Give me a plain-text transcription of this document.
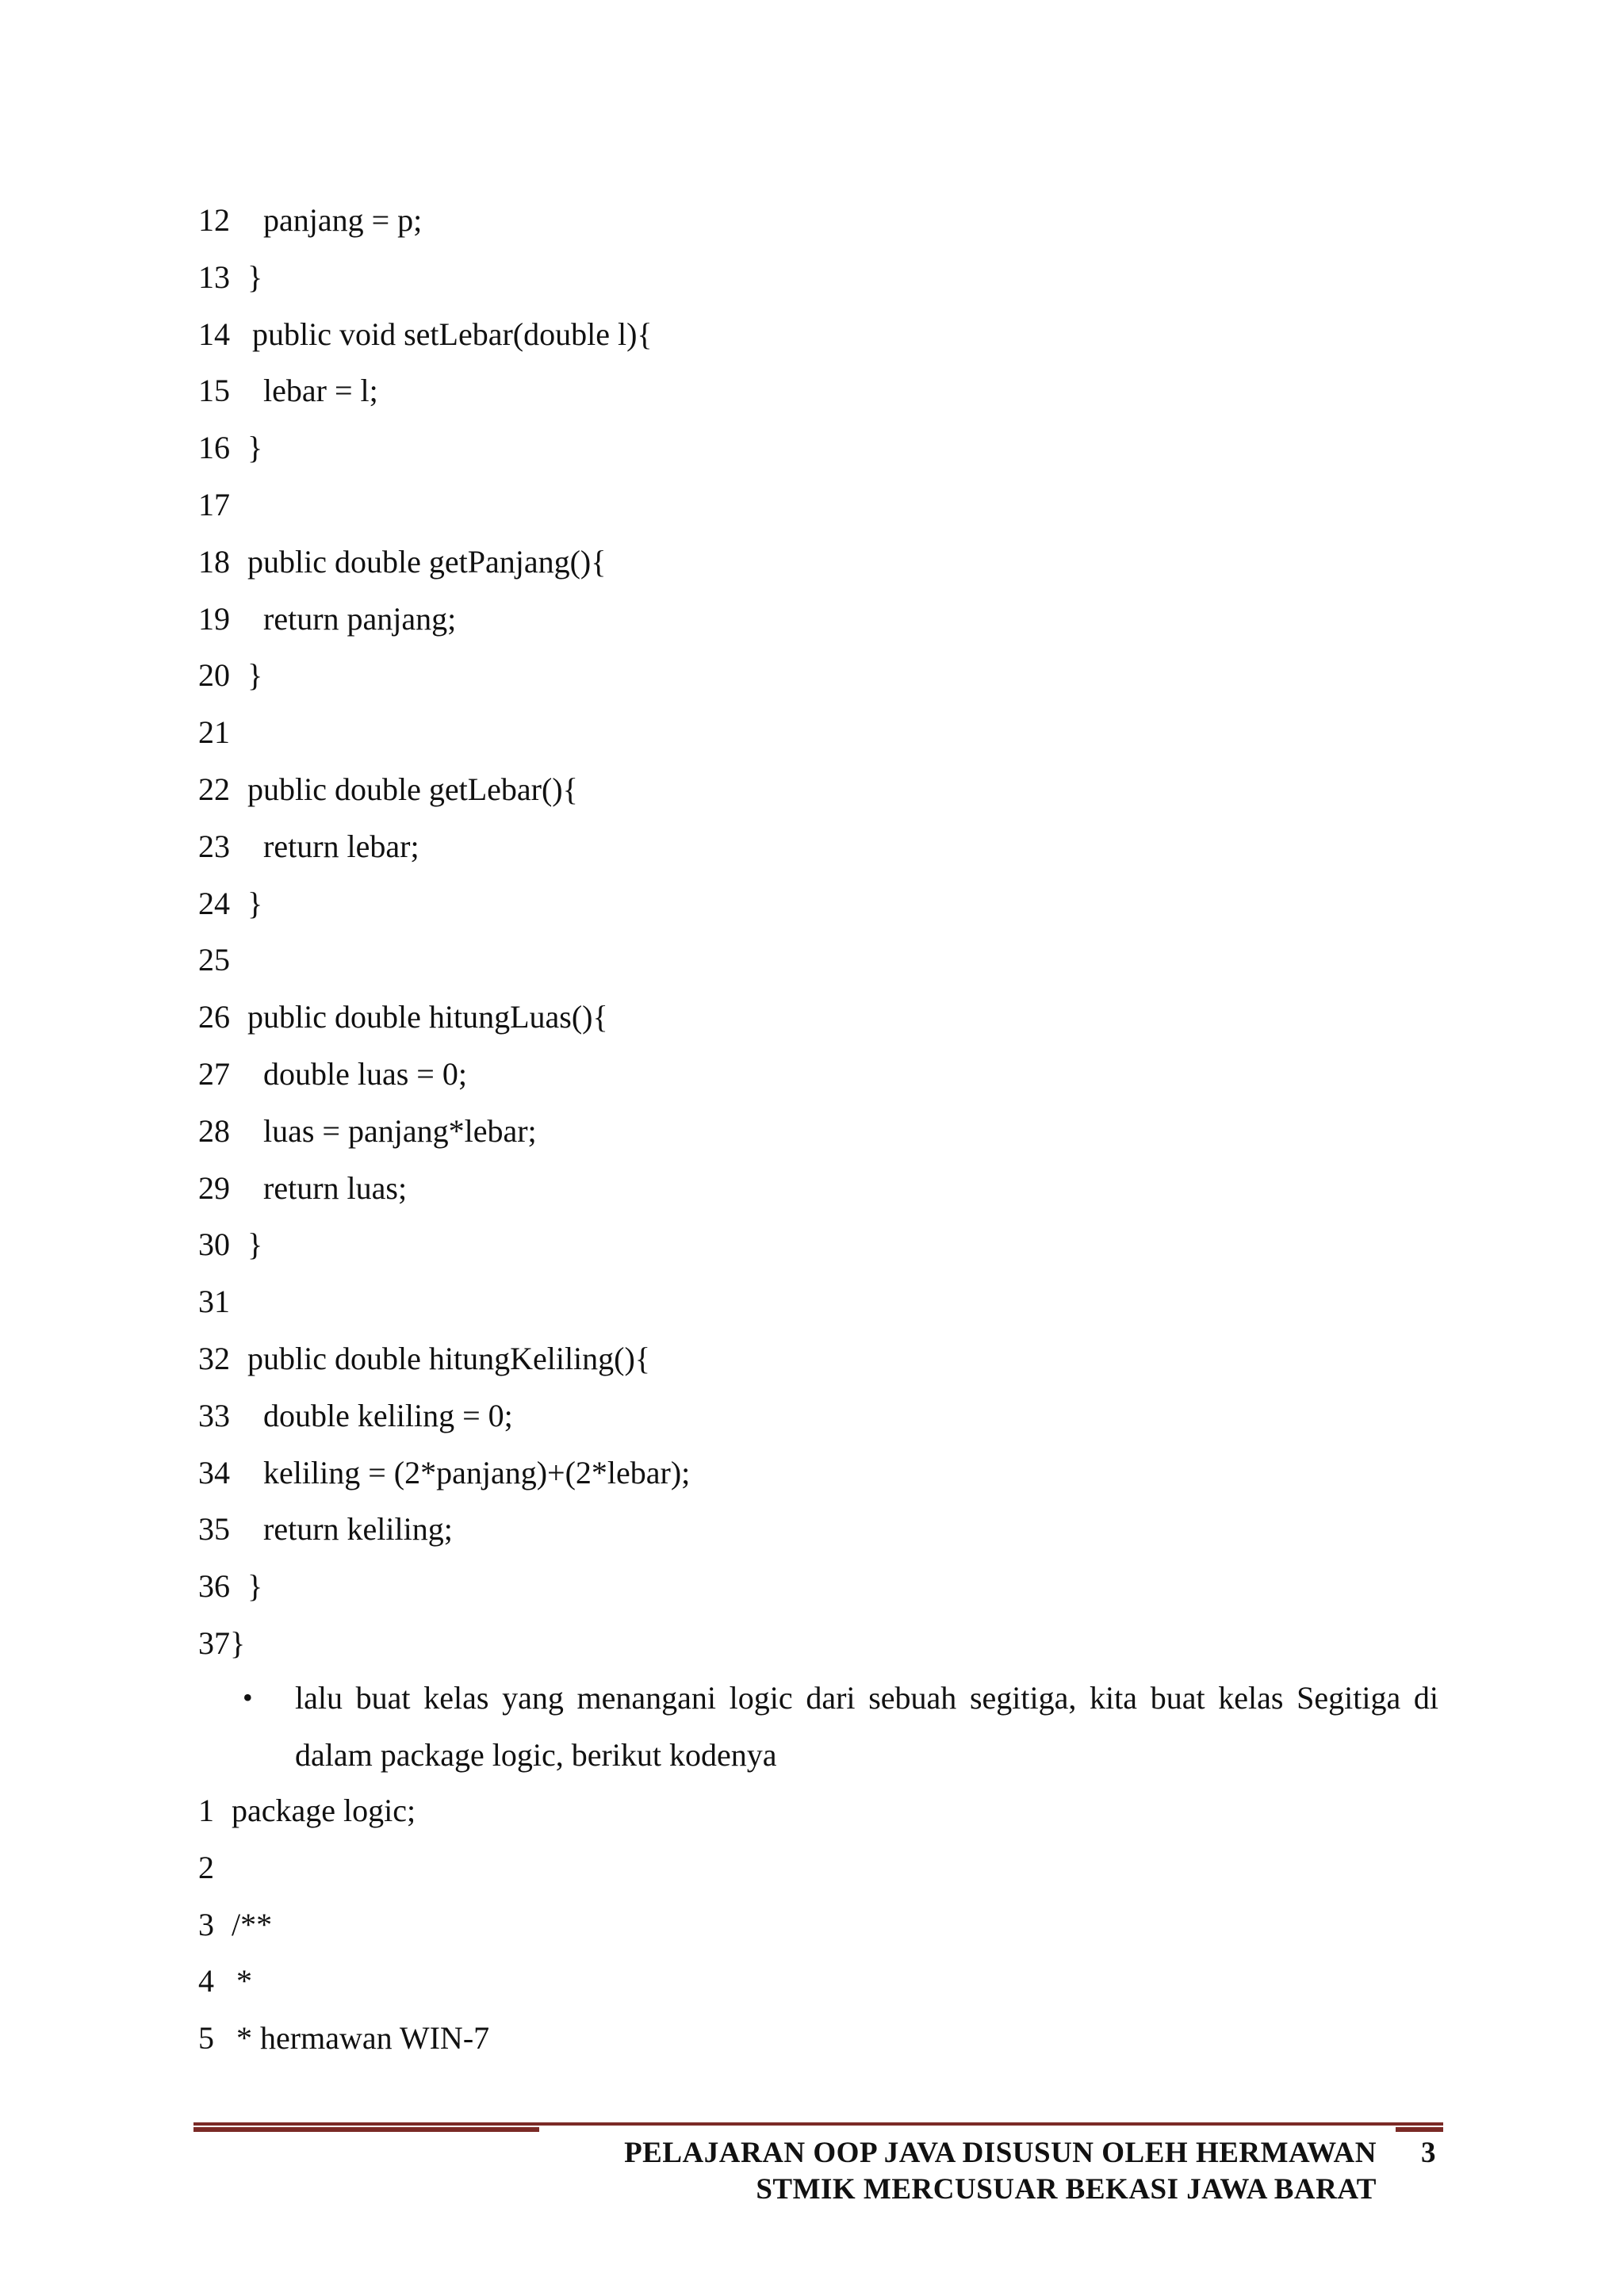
12 panjang = p;
13 }
14 public void setLebar(double l){
15 lebar = l;
16 }
17
18 public double getPanjang(){
19 return panjang;
20 }
21
22 public double getLebar(){
23 return lebar;
24 }
25
26 public double hitungLuas(){
27 double luas = 0;
28 luas = panjang*lebar;
29 return luas;
30 }
31
32 public double hitungKeliling(){
33 double keliling = 0;
34 keliling = (2*panjang)+(2*lebar);
35 return keliling;
36 }
37}
• lalu buat kelas yang menangani logic dari sebuah segitiga, kita buat kelas Segitiga di dalam package logic, berikut kodenya
1 package logic;
2
3 /**
4 *
5 * hermawan WIN-7
PELAJARAN OOP JAVA DISUSUN OLEH HERMAWAN
STMIK MERCUSUAR BEKASI JAWA BARAT
3
